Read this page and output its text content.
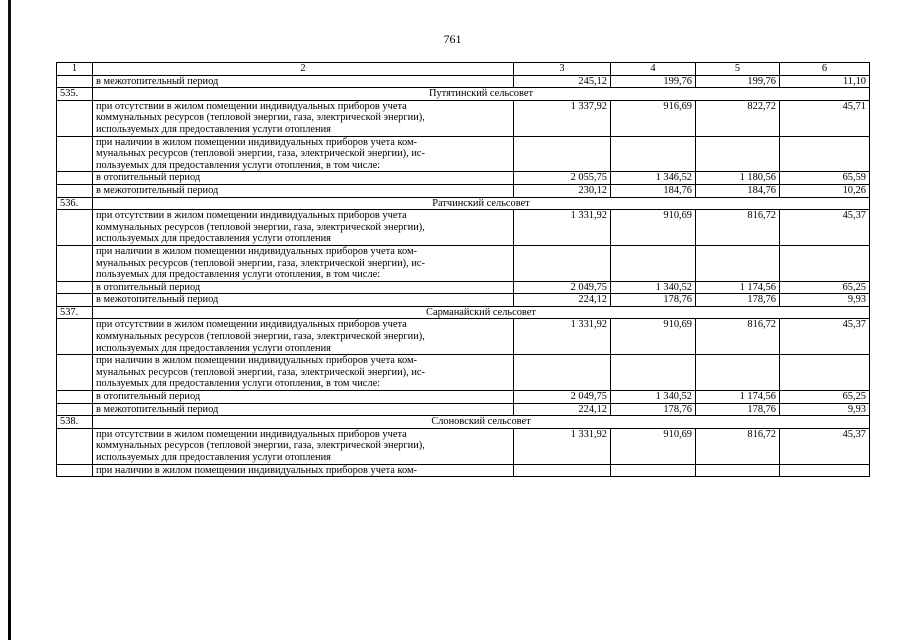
761
1	2	3	4	5	6
	в межотопительный период	245,12	199,76	199,76	11,10
535.	Путятинский сельсовет				

	при отсутствии в жилом помещении индивидуальных приборов учета
коммунальных ресурсов (тепловой энергии, газа, электрической энергии),
используемых для предоставления услуги отопления	1 337,92	916,69	822,72	45,71

	при наличии в жилом помещении индивидуальных приборов учета ком-
мунальных ресурсов (тепловой энергии, газа, электрической энергии), ис-
пользуемых для предоставления услуги отопления, в том числе:				

	в отопительный период	2 055,75	1 346,52	1 180,56	65,59
	в межотопительный период	230,12	184,76	184,76	10,26
536.	Ратчинский сельсовет				

	при отсутствии в жилом помещении индивидуальных приборов учета
коммунальных ресурсов (тепловой энергии, газа, электрической энергии),
используемых для предоставления услуги отопления	1 331,92	910,69	816,72	45,37

	при наличии в жилом помещении индивидуальных приборов учета ком-
мунальных ресурсов (тепловой энергии, газа, электрической энергии), ис-
пользуемых для предоставления услуги отопления, в том числе:				

	в отопительный период	2 049,75	1 340,52	1 174,56	65,25
	в межотопительный период	224,12	178,76	178,76	9,93
537.	Сарманайский сельсовет				

	при отсутствии в жилом помещении индивидуальных приборов учета
коммунальных ресурсов (тепловой энергии, газа, электрической энергии),
используемых для предоставления услуги отопления	1 331,92	910,69	816,72	45,37

	при наличии в жилом помещении индивидуальных приборов учета ком-
мунальных ресурсов (тепловой энергии, газа, электрической энергии), ис-
пользуемых для предоставления услуги отопления, в том числе:				

	в отопительный период	2 049,75	1 340,52	1 174,56	65,25
	в межотопительный период	224,12	178,76	178,76	9,93
538.	Слоновский сельсовет				

	при отсутствии в жилом помещении индивидуальных приборов учета
коммунальных ресурсов (тепловой энергии, газа, электрической энергии),
используемых для предоставления услуги отопления	1 331,92	910,69	816,72	45,37

	при наличии в жилом помещении индивидуальных приборов учета ком-				
